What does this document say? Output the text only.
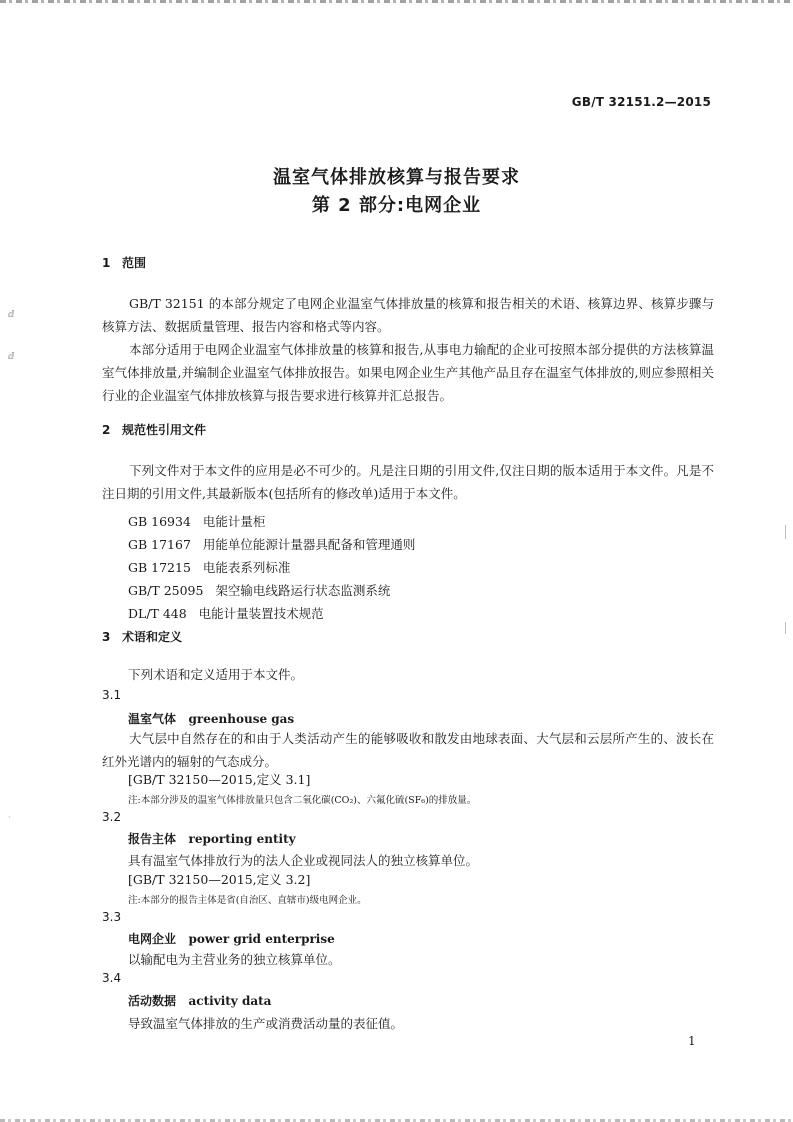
ⅆ
ⅆ
ˏ
GB/T 32151.2—2015
温室气体排放核算与报告要求
第 2 部分:电网企业
1 范围

GB/T 32151 的本部分规定了电网企业温室气体排放量的核算和报告相关的术语、核算边界、核算步骤与核算方法、数据质量管理、报告内容和格式等内容。

本部分适用于电网企业温室气体排放量的核算和报告,从事电力输配的企业可按照本部分提供的方法核算温室气体排放量,并编制企业温室气体排放报告。如果电网企业生产其他产品且存在温室气体排放的,则应参照相关行业的企业温室气体排放核算与报告要求进行核算并汇总报告。

2 规范性引用文件

下列文件对于本文件的应用是必不可少的。凡是注日期的引用文件,仅注日期的版本适用于本文件。凡是不注日期的引用文件,其最新版本(包括所有的修改单)适用于本文件。

GB 16934   电能计量柜
GB 17167   用能单位能源计量器具配备和管理通则
GB 17215   电能表系列标准
GB/T 25095   架空输电线路运行状态监测系统
DL/T 448   电能计量装置技术规范
3 术语和定义
下列术语和定义适用于本文件。
3.1
温室气体   greenhouse gas

大气层中自然存在的和由于人类活动产生的能够吸收和散发由地球表面、大气层和云层所产生的、波长在红外光谱内的辐射的气态成分。

[GB/T 32150—2015,定义 3.1]
注:本部分涉及的温室气体排放量只包含二氧化碳(CO₂)、六氟化硫(SF₆)的排放量。
3.2
报告主体   reporting entity
具有温室气体排放行为的法人企业或视同法人的独立核算单位。
[GB/T 32150—2015,定义 3.2]
注:本部分的报告主体是省(自治区、直辖市)级电网企业。
3.3
电网企业   power grid enterprise
以输配电为主营业务的独立核算单位。
3.4
活动数据   activity data
导致温室气体排放的生产或消费活动量的表征值。
1
